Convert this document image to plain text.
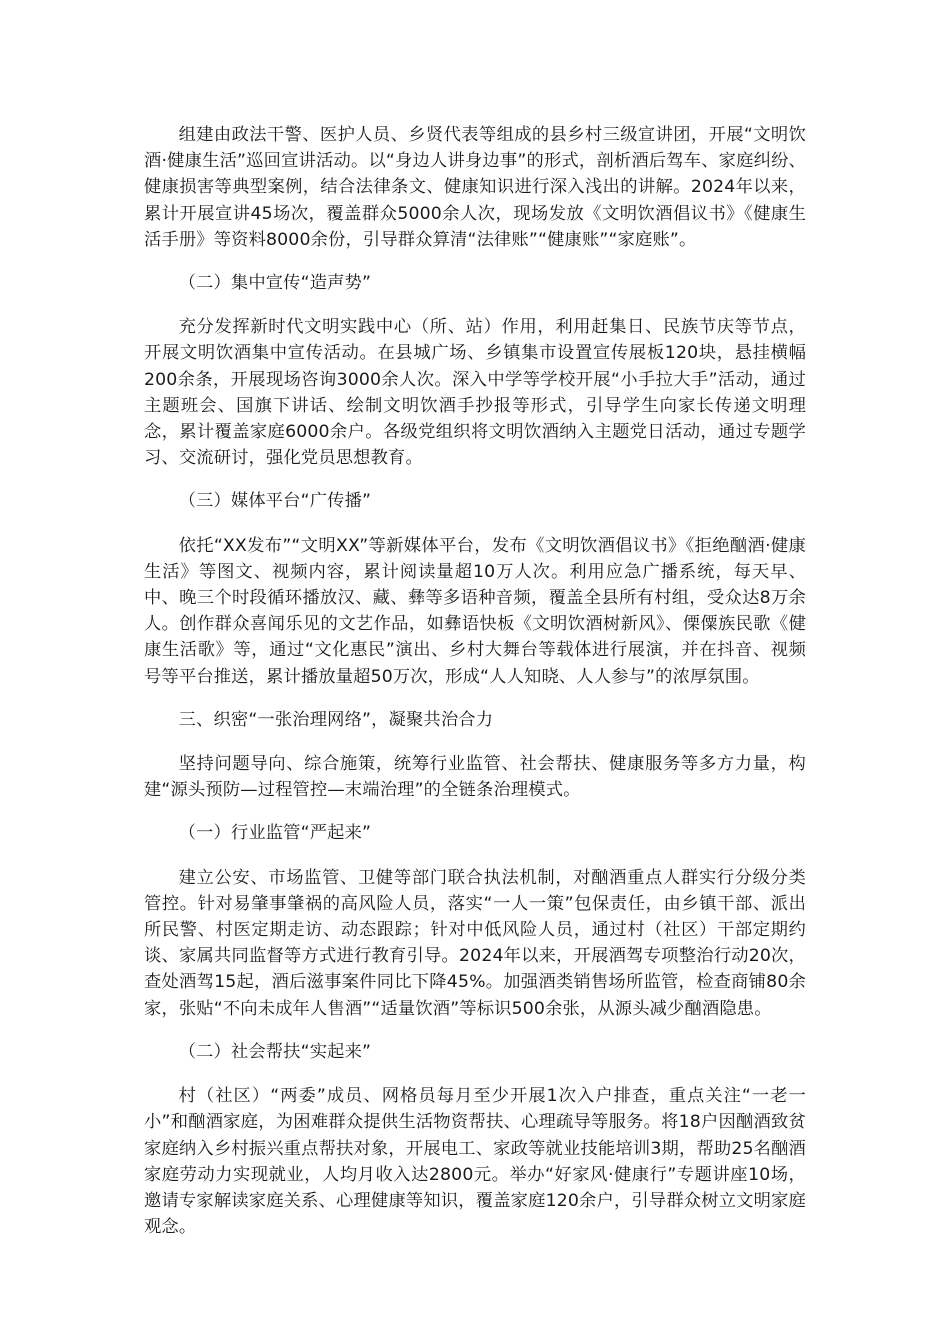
组建由政法干警、医护人员、乡贤代表等组成的县乡村三级宣讲团，开展“文明饮酒·健康生活”巡回宣讲活动。以“身边人讲身边事”的形式，剖析酒后驾车、家庭纠纷、健康损害等典型案例，结合法律条文、健康知识进行深入浅出的讲解。2024年以来，累计开展宣讲45场次，覆盖群众5000余人次，现场发放《文明饮酒倡议书》《健康生活手册》等资料8000余份，引导群众算清“法律账”“健康账”“家庭账”。

（二）集中宣传“造声势”

充分发挥新时代文明实践中心（所、站）作用，利用赶集日、民族节庆等节点，开展文明饮酒集中宣传活动。在县城广场、乡镇集市设置宣传展板120块，悬挂横幅200余条，开展现场咨询3000余人次。深入中学等学校开展“小手拉大手”活动，通过主题班会、国旗下讲话、绘制文明饮酒手抄报等形式，引导学生向家长传递文明理念，累计覆盖家庭6000余户。各级党组织将文明饮酒纳入主题党日活动，通过专题学习、交流研讨，强化党员思想教育。

（三）媒体平台“广传播”

依托“XX发布”“文明XX”等新媒体平台，发布《文明饮酒倡议书》《拒绝酗酒·健康生活》等图文、视频内容，累计阅读量超10万人次。利用应急广播系统，每天早、中、晚三个时段循环播放汉、藏、彝等多语种音频，覆盖全县所有村组，受众达8万余人。创作群众喜闻乐见的文艺作品，如彝语快板《文明饮酒树新风》、傈僳族民歌《健康生活歌》等，通过“文化惠民”演出、乡村大舞台等载体进行展演，并在抖音、视频号等平台推送，累计播放量超50万次，形成“人人知晓、人人参与”的浓厚氛围。

三、织密“一张治理网络”，凝聚共治合力

坚持问题导向、综合施策，统筹行业监管、社会帮扶、健康服务等多方力量，构建“源头预防—过程管控—末端治理”的全链条治理模式。

（一）行业监管“严起来”

建立公安、市场监管、卫健等部门联合执法机制，对酗酒重点人群实行分级分类管控。针对易肇事肇祸的高风险人员，落实“一人一策”包保责任，由乡镇干部、派出所民警、村医定期走访、动态跟踪；针对中低风险人员，通过村（社区）干部定期约谈、家属共同监督等方式进行教育引导。2024年以来，开展酒驾专项整治行动20次，查处酒驾15起，酒后滋事案件同比下降45%。加强酒类销售场所监管，检查商铺80余家，张贴“不向未成年人售酒”“适量饮酒”等标识500余张，从源头减少酗酒隐患。

（二）社会帮扶“实起来”

村（社区）“两委”成员、网格员每月至少开展1次入户排查，重点关注“一老一小”和酗酒家庭，为困难群众提供生活物资帮扶、心理疏导等服务。将18户因酗酒致贫家庭纳入乡村振兴重点帮扶对象，开展电工、家政等就业技能培训3期，帮助25名酗酒家庭劳动力实现就业，人均月收入达2800元。举办“好家风·健康行”专题讲座10场，邀请专家解读家庭关系、心理健康等知识，覆盖家庭120余户，引导群众树立文明家庭观念。
